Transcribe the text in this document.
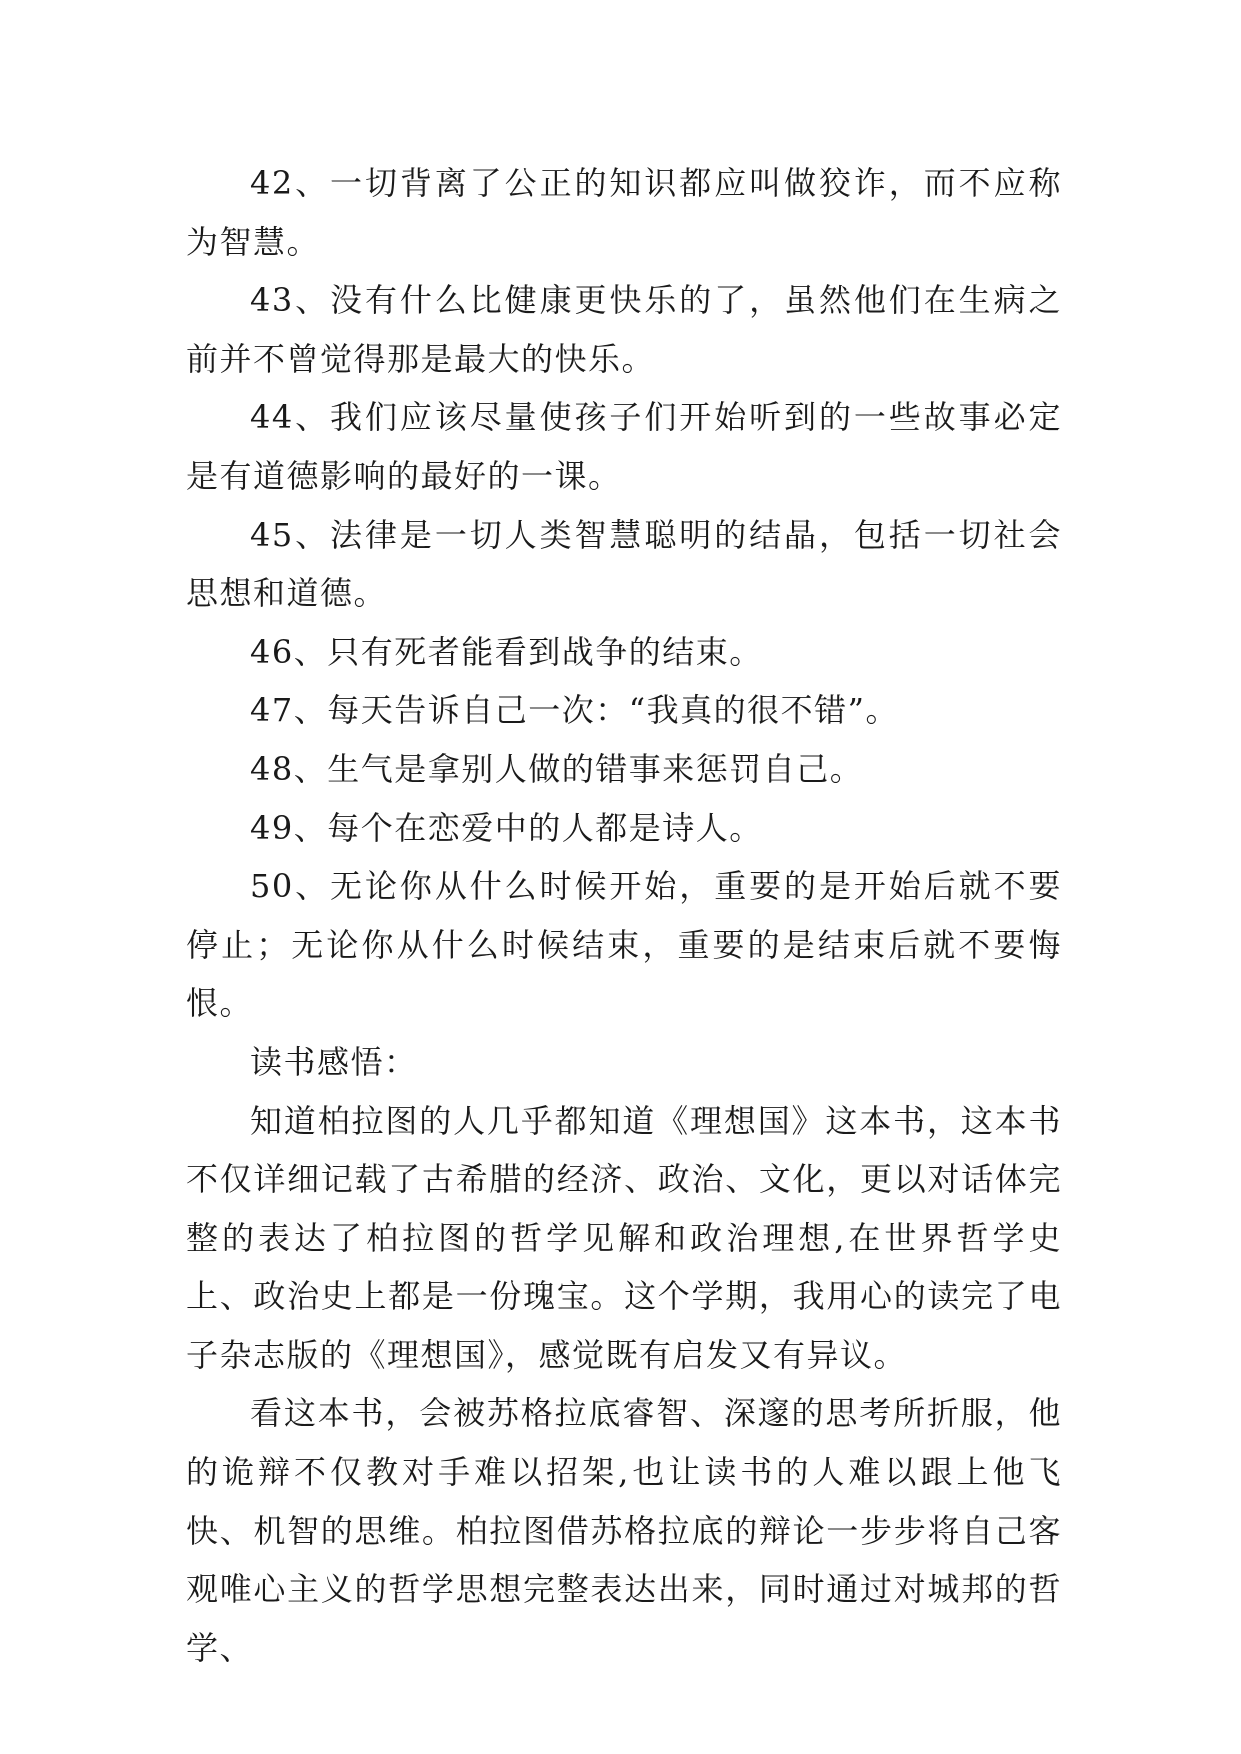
42、一切背离了公正的知识都应叫做狡诈，而不应称为智慧。

43、没有什么比健康更快乐的了，虽然他们在生病之前并不曾觉得那是最大的快乐。

44、我们应该尽量使孩子们开始听到的一些故事必定是有道德影响的最好的一课。

45、法律是一切人类智慧聪明的结晶，包括一切社会思想和道德。

46、只有死者能看到战争的结束。

47、每天告诉自己一次：“我真的很不错”。

48、生气是拿别人做的错事来惩罚自己。

49、每个在恋爱中的人都是诗人。

50、无论你从什么时候开始，重要的是开始后就不要停止；无论你从什么时候结束，重要的是结束后就不要悔恨。

读书感悟：

知道柏拉图的人几乎都知道《理想国》这本书，这本书不仅详细记载了古希腊的经济、政治、文化，更以对话体完整的表达了柏拉图的哲学见解和政治理想,在世界哲学史上、政治史上都是一份瑰宝。这个学期，我用心的读完了电子杂志版的《理想国》，感觉既有启发又有异议。

看这本书，会被苏格拉底睿智、深邃的思考所折服，他的诡辩不仅教对手难以招架,也让读书的人难以跟上他飞快、机智的思维。柏拉图借苏格拉底的辩论一步步将自己客观唯心主义的哲学思想完整表达出来，同时通过对城邦的哲学、
